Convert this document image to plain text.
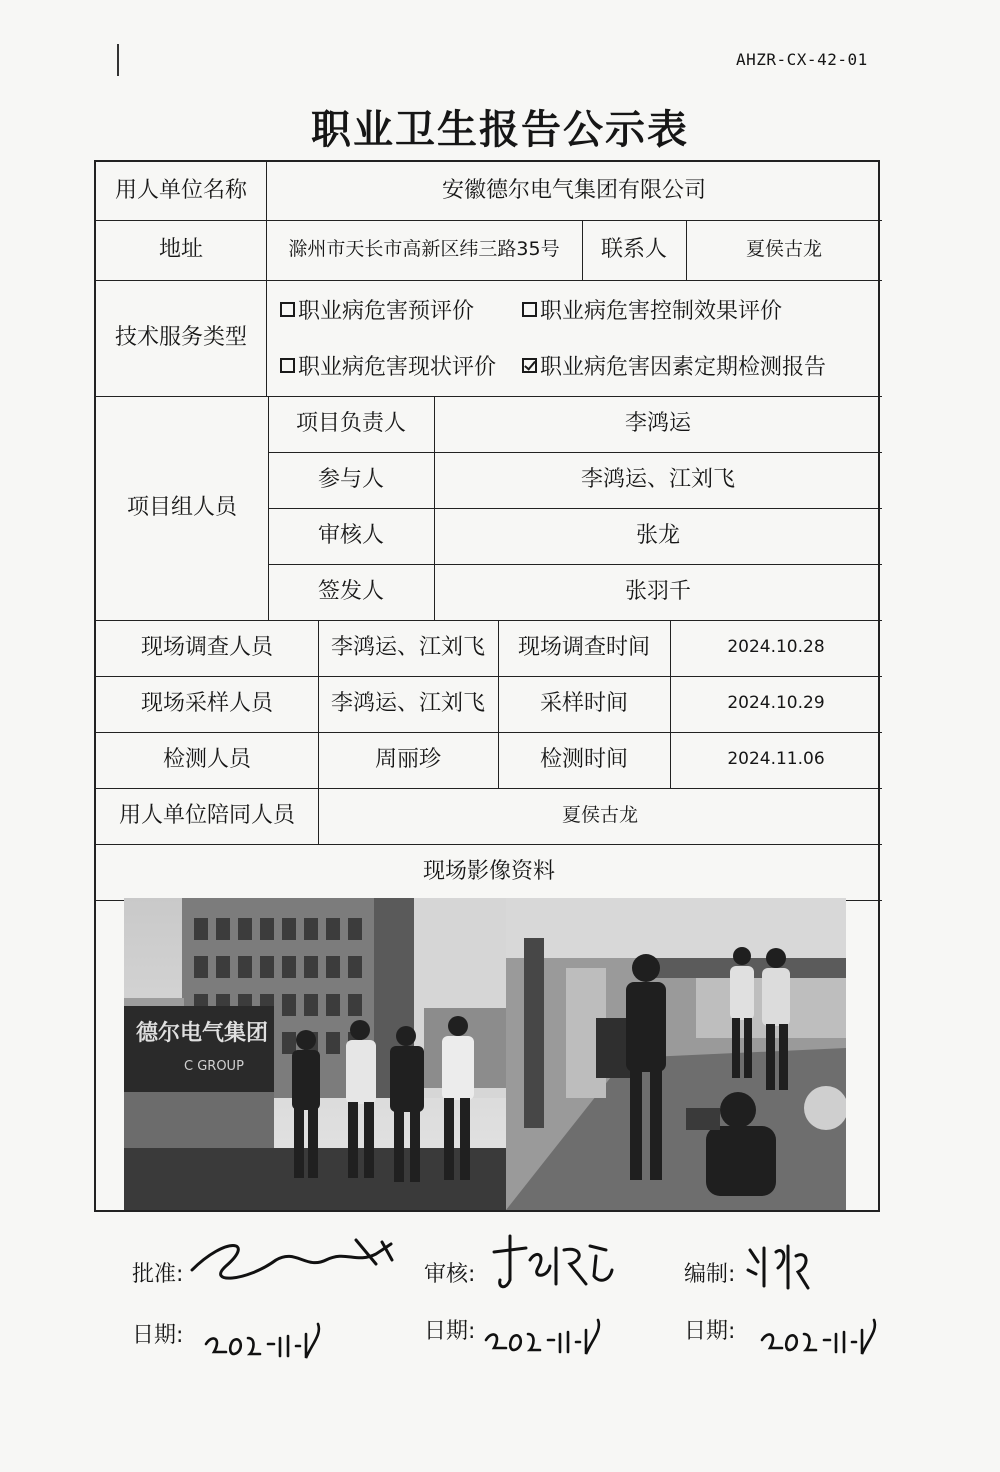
AHZR-CX-42-01
职业卫生报告公示表
用人单位名称	安徽德尔电气集团有限公司
地址	滁州市天长市高新区纬三路35号	联系人	夏侯古龙
技术服务类型
职业病危害预评价	职业病危害控制效果评价
职业病危害现状评价 职业病危害因素定期检测报告
项目组人员
项目负责人	李鸿运
参与人	李鸿运、江刘飞
审核人	张龙
签发人	张羽千
现场调查人员	李鸿运、江刘飞	现场调查时间	2024.10.28
现场采样人员	李鸿运、江刘飞	采样时间	2024.10.29
检测人员	周丽珍	检测时间	2024.11.06
用人单位陪同人员	夏侯古龙
现场影像资料
德尔电气集团
C GROUP
批准:	审核:	编制:
日期:	日期:	日期:
